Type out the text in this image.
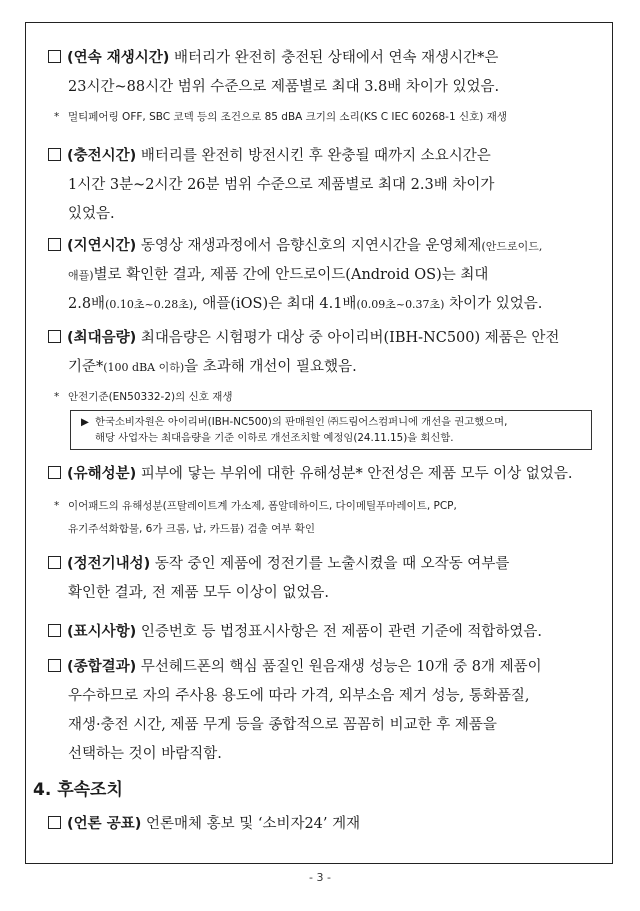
(연속 재생시간) 배터리가 완전히 충전된 상태에서 연속 재생시간*은
23시간~88시간 범위 수준으로 제품별로 최대 3.8배 차이가 있었음.
* 멀티페어링 OFF, SBC 코덱 등의 조건으로 85 dBA 크기의 소리(KS C IEC 60268-1 신호) 재생
(충전시간) 배터리를 완전히 방전시킨 후 완충될 때까지 소요시간은
1시간 3분~2시간 26분 범위 수준으로 제품별로 최대 2.3배 차이가
있었음.
(지연시간) 동영상 재생과정에서 음향신호의 지연시간을 운영체제(안드로이드,
애플)별로 확인한 결과, 제품 간에 안드로이드(Android OS)는 최대
2.8배(0.10초~0.28초), 애플(iOS)은 최대 4.1배(0.09초~0.37초) 차이가 있었음.
(최대음량) 최대음량은 시험평가 대상 중 아이리버(IBH-NC500) 제품은 안전
기준*(100 dBA 이하)을 초과해 개선이 필요했음.
* 안전기준(EN50332-2)의 신호 재생
▶ 한국소비자원은 아이리버(IBH-NC500)의 판매원인 ㈜드림어스컴퍼니에 개선을 권고했으며,
해당 사업자는 최대음량을 기준 이하로 개선조치할 예정임(24.11.15)을 회신함.
(유해성분) 피부에 닿는 부위에 대한 유해성분* 안전성은 제품 모두 이상 없었음.
* 이어패드의 유해성분(프탈레이트계 가소제, 폼알데하이드, 다이메틸푸마레이트, PCP,
유기주석화합물, 6가 크롬, 납, 카드뮴) 검출 여부 확인
(정전기내성) 동작 중인 제품에 정전기를 노출시켰을 때 오작동 여부를
확인한 결과, 전 제품 모두 이상이 없었음.
(표시사항) 인증번호 등 법정표시사항은 전 제품이 관련 기준에 적합하였음.
(종합결과) 무선헤드폰의 핵심 품질인 원음재생 성능은 10개 중 8개 제품이
우수하므로 자의 주사용 용도에 따라 가격, 외부소음 제거 성능, 통화품질,
재생·충전 시간, 제품 무게 등을 종합적으로 꼼꼼히 비교한 후 제품을
선택하는 것이 바람직함.
4. 후속조치
(언론 공표) 언론매체 홍보 및 ‘소비자24’ 게재
- 3 -
